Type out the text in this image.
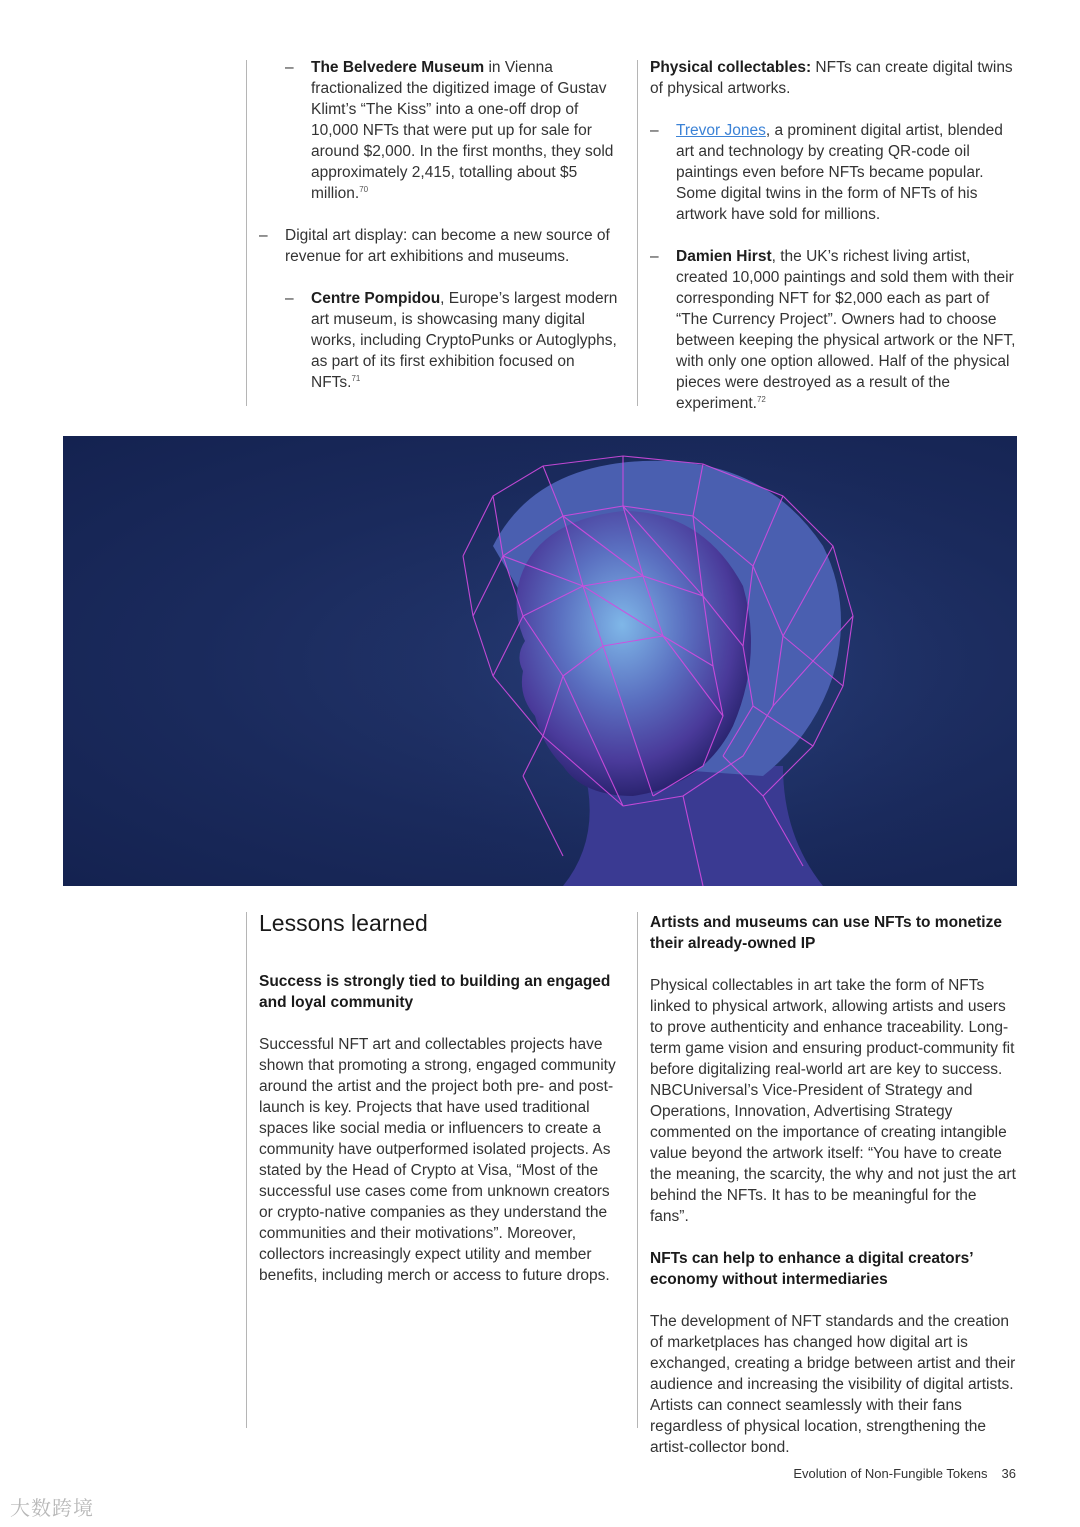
– The Belvedere Museum in Vienna fractionalized the digitized image of Gustav Klimt’s “The Kiss” into a one-off drop of 10,000 NFTs that were put up for sale for around $2,000. In the first months, they sold approximately 2,415, totalling about $5 million.$^{70}$
– Digital art display: can become a new source of revenue for art exhibitions and museums.
– Centre Pompidou, Europe’s largest modern art museum, is showcasing many digital works, including CryptoPunks or Autoglyphs, as part of its first exhibition focused on NFTs.$^{71}$

Physical collectables: NFTs can create digital twins of physical artworks.

– Trevor Jones, a prominent digital artist, blended art and technology by creating QR-code oil paintings even before NFTs became popular. Some digital twins in the form of NFTs of his artwork have sold for millions.
– Damien Hirst, the UK’s richest living artist, created 10,000 paintings and sold them with their corresponding NFT for $2,000 each as part of “The Currency Project”. Owners had to choose between keeping the physical artwork or the NFT, with only one option allowed. Half of the physical pieces were destroyed as a result of the experiment.$^{72}$
Lessons learned
Success is strongly tied to building an engaged and loyal community

Successful NFT art and collectables projects have shown that promoting a strong, engaged community around the artist and the project both pre- and post-launch is key. Projects that have used traditional spaces like social media or influencers to create a community have outperformed isolated projects. As stated by the Head of Crypto at Visa, “Most of the successful use cases come from unknown creators or crypto-native companies as they understand the communities and their motivations”. Moreover, collectors increasingly expect utility and member benefits, including merch or access to future drops.

Artists and museums can use NFTs to monetize their already-owned IP

Physical collectables in art take the form of NFTs linked to physical artwork, allowing artists and users to prove authenticity and enhance traceability. Long-term game vision and ensuring product-community fit before digitalizing real-world art are key to success. NBCUniversal’s Vice-President of Strategy and Operations, Innovation, Advertising Strategy commented on the importance of creating intangible value beyond the artwork itself: “You have to create the meaning, the scarcity, the why and not just the art behind the NFTs. It has to be meaningful for the fans”.

NFTs can help to enhance a digital creators’ economy without intermediaries

The development of NFT standards and the creation of marketplaces has changed how digital art is exchanged, creating a bridge between artist and their audience and increasing the visibility of digital artists. Artists can connect seamlessly with their fans regardless of physical location, strengthening the artist-collector bond.

Evolution of Non-Fungible Tokens 36
大数跨境
